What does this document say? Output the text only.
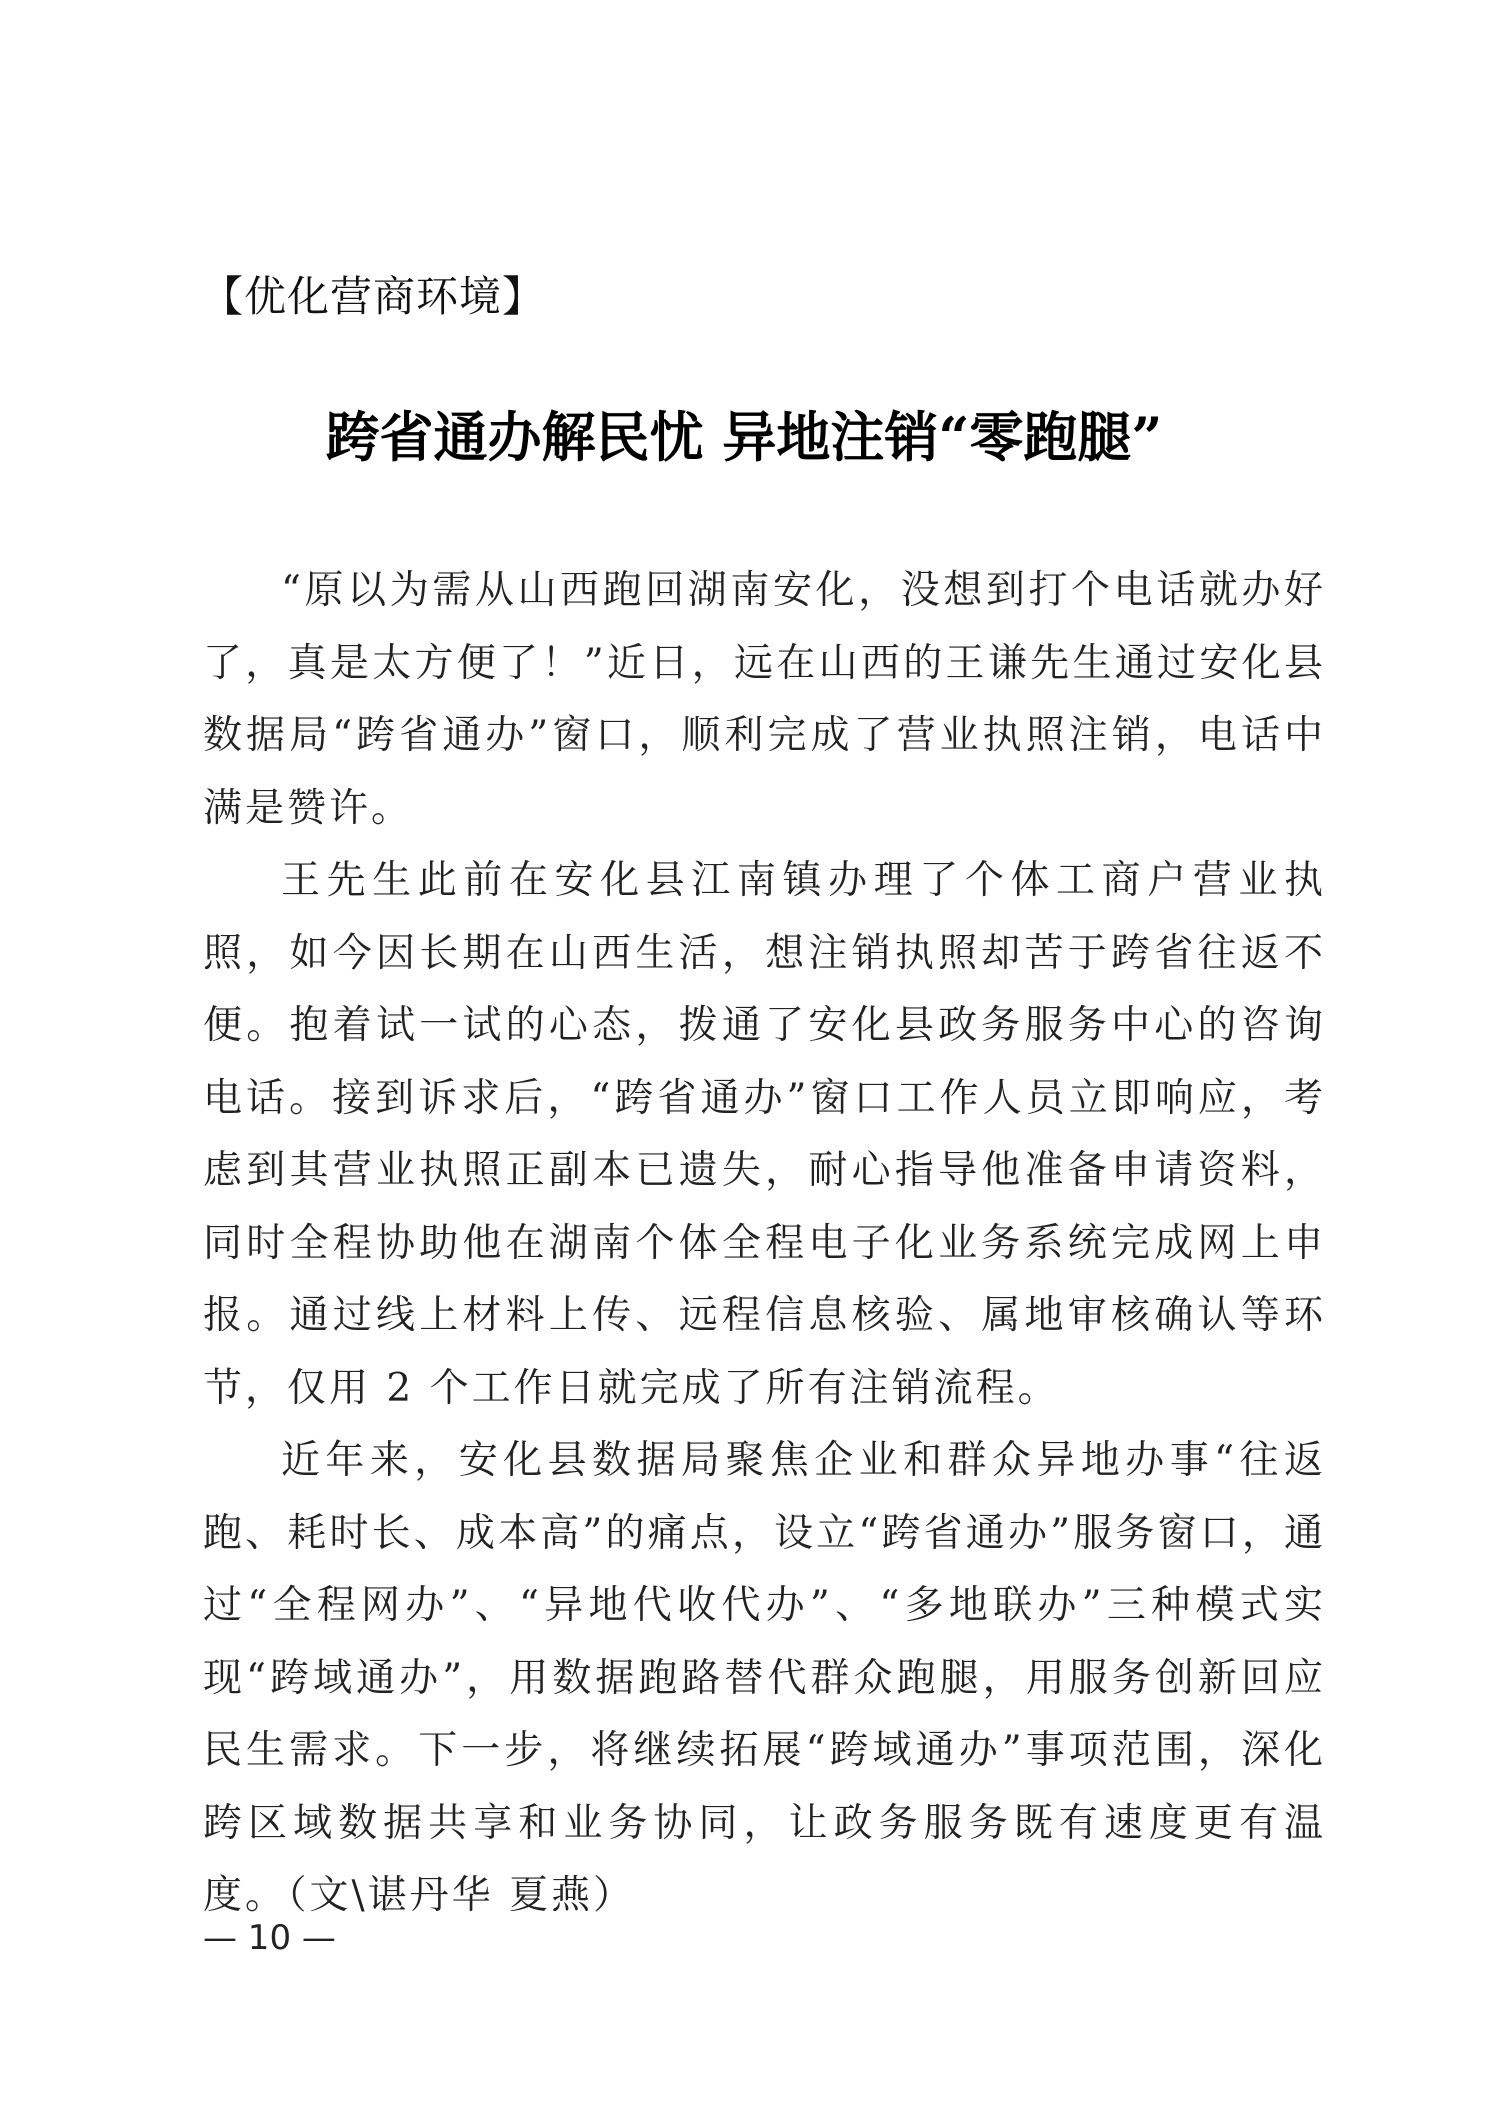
【优化营商环境】
跨省通办解民忧 异地注销“零跑腿”

“原以为需从山西跑回湖南安化，没想到打个电话就办好了，真是太方便了！”近日，远在山西的王谦先生通过安化县数据局“跨省通办”窗口，顺利完成了营业执照注销，电话中满是赞许。

王先生此前在安化县江南镇办理了个体工商户营业执照，如今因长期在山西生活，想注销执照却苦于跨省往返不便。抱着试一试的心态，拨通了安化县政务服务中心的咨询电话。接到诉求后，“跨省通办”窗口工作人员立即响应，考虑到其营业执照正副本已遗失，耐心指导他准备申请资料，同时全程协助他在湖南个体全程电子化业务系统完成网上申报。通过线上材料上传、远程信息核验、属地审核确认等环节，仅用 2 个工作日就完成了所有注销流程。

近年来，安化县数据局聚焦企业和群众异地办事“往返跑、耗时长、成本高”的痛点，设立“跨省通办”服务窗口，通过“全程网办”、“异地代收代办”、“多地联办”三种模式实现“跨域通办”，用数据跑路替代群众跑腿，用服务创新回应民生需求。下一步，将继续拓展“跨域通办”事项范围，深化跨区域数据共享和业务协同，让政务服务既有速度更有温度。（文\谌丹华 夏燕）

— 10 —
